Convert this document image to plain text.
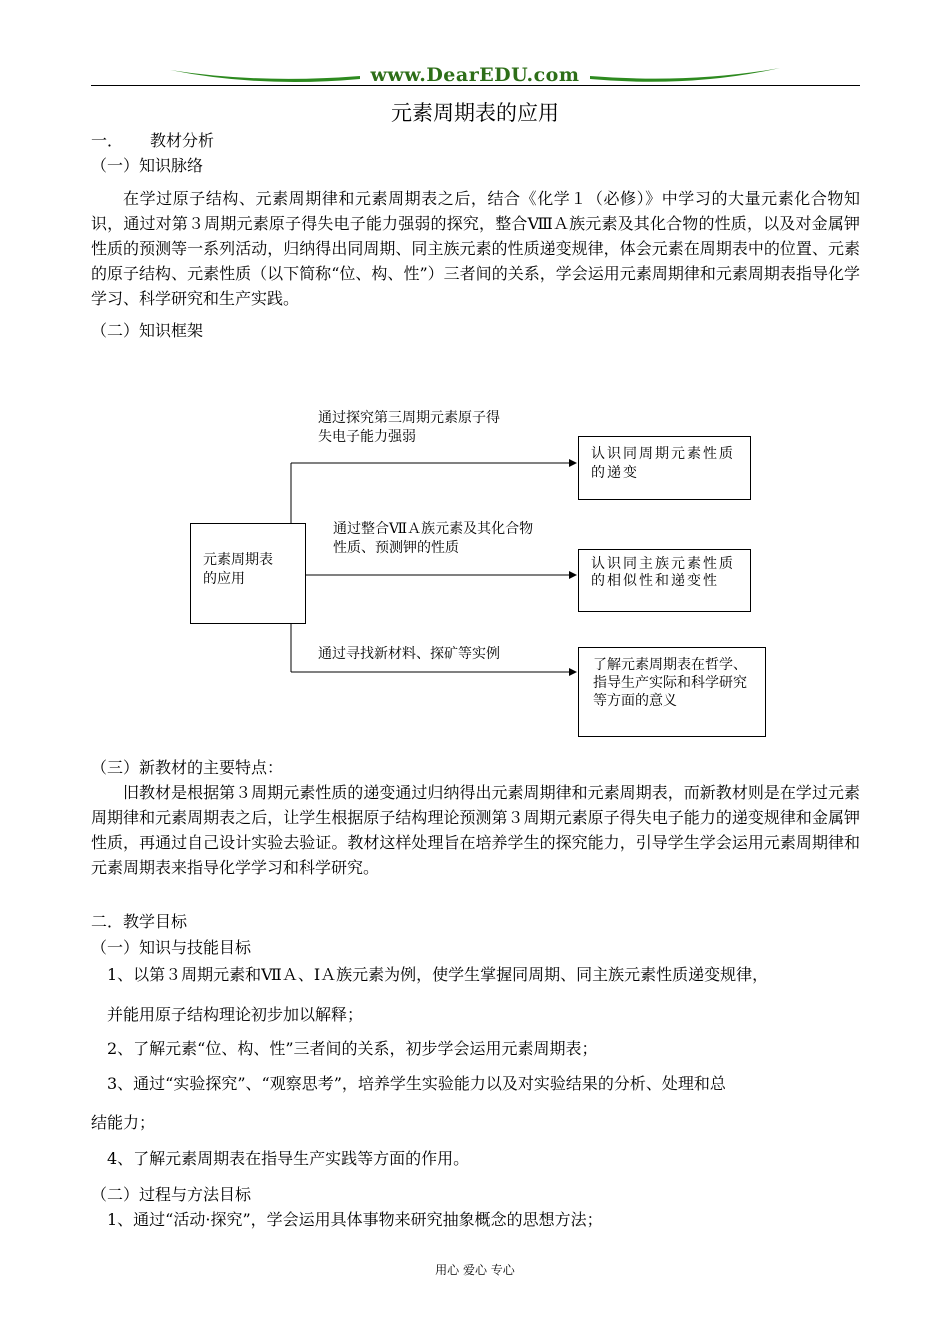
www.DearEDU.com
元素周期表的应用
一． 教材分析
（一）知识脉络
在学过原子结构、元素周期律和元素周期表之后，结合《化学１（必修）》中学习的大量元素化合物知识，通过对第３周期元素原子得失电子能力强弱的探究，整合ⅧＡ族元素及其化合物的性质，以及对金属钾性质的预测等一系列活动，归纳得出同周期、同主族元素的性质递变规律，体会元素在周期表中的位置、元素的原子结构、元素性质（以下简称“位、构、性”）三者间的关系，学会运用元素周期律和元素周期表指导化学学习、科学研究和生产实践。
（二）知识框架
元素周期表的应用
通过探究第三周期元素原子得失电子能力强弱
认识同周期元素性质的递变
通过整合ⅦＡ族元素及其化合物性质、预测钾的性质
认识同主族元素性质的相似性和递变性
通过寻找新材料、探矿等实例
了解元素周期表在哲学、指导生产实际和科学研究等方面的意义
（三）新教材的主要特点：
旧教材是根据第３周期元素性质的递变通过归纳得出元素周期律和元素周期表，而新教材则是在学过元素周期律和元素周期表之后，让学生根据原子结构理论预测第３周期元素原子得失电子能力的递变规律和金属钾性质，再通过自己设计实验去验证。教材这样处理旨在培养学生的探究能力，引导学生学会运用元素周期律和元素周期表来指导化学学习和科学研究。
二．教学目标
（一）知识与技能目标
1、以第３周期元素和ⅦＡ、ⅠＡ族元素为例，使学生掌握同周期、同主族元素性质递变规律，
并能用原子结构理论初步加以解释；
2、了解元素“位、构、性”三者间的关系，初步学会运用元素周期表；
3、通过“实验探究”、“观察思考”，培养学生实验能力以及对实验结果的分析、处理和总
结能力；
4、了解元素周期表在指导生产实践等方面的作用。
（二）过程与方法目标
1、通过“活动·探究”，学会运用具体事物来研究抽象概念的思想方法；
用心 爱心 专心
